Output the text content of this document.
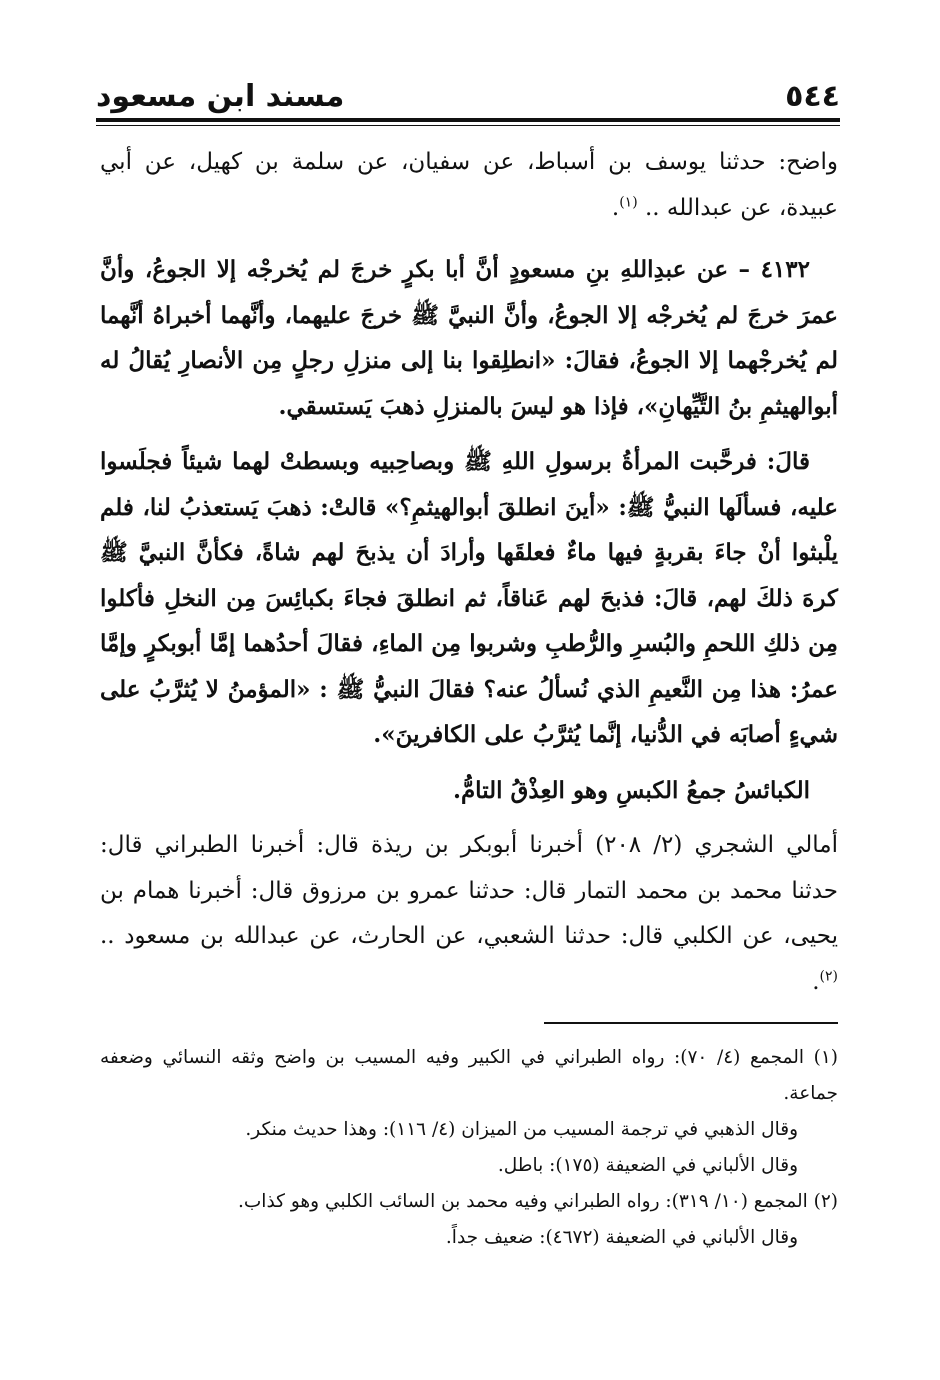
٥٤٤
مسند ابن مسعود

واضح: حدثنا يوسف بن أسباط، عن سفيان، عن سلمة بن كهيل، عن أبي عبيدة، عن عبدالله .. $^{(١)}$.

٤١٣٢ – عن عبدِاللهِ بنِ مسعودٍ أنَّ أبا بكرٍ خرجَ لم يُخرجْه إلا الجوعُ، وأنَّ عمرَ خرجَ لم يُخرجْه إلا الجوعُ، وأنَّ النبيَّ ﷺ خرجَ عليهما، وأنَّهما أخبراهُ أنَّهما لم يُخرجْهما إلا الجوعُ، فقالَ: «انطلِقوا بنا إلى منزلِ رجلٍ مِن الأنصارِ يُقالُ له أبوالهيثمِ بنُ التَّيِّهانِ»، فإذا هو ليسَ بالمنزلِ ذهبَ يَستسقي.

قالَ: فرحَّبت المرأةُ برسولِ اللهِ ﷺ وبصاحِبيه وبسطتْ لهما شيئاً فجلَسوا عليه، فسألَها النبيُّ ﷺ: «أينَ انطلقَ أبوالهيثمِ؟» قالتْ: ذهبَ يَستعذبُ لنا، فلم يلْبثوا أنْ جاءَ بقربةٍ فيها ماءٌ فعلقَها وأرادَ أن يذبحَ لهم شاةً، فكأنَّ النبيَّ ﷺ كرهَ ذلكَ لهم، قالَ: فذبحَ لهم عَناقاً، ثم انطلقَ فجاءَ بكبائِسَ مِن النخلِ فأكلوا مِن ذلكِ اللحمِ والبُسرِ والرُّطبِ وشربوا مِن الماءِ، فقالَ أحدُهما إمَّا أبوبكرٍ وإمَّا عمرُ: هذا مِن النَّعيمِ الذي نُسألُ عنه؟ فقالَ النبيُّ ﷺ : «المؤمنُ لا يُثرَّبُ على شيءٍ أصابَه في الدُّنيا، إنَّما يُثرَّبُ على الكافرينَ».

الكبائسُ جمعُ الكبسِ وهو العِذْقُ التامُّ.

أمالي الشجري (٢/ ٢٠٨) أخبرنا أبوبكر بن ريذة قال: أخبرنا الطبراني قال: حدثنا محمد بن محمد التمار قال: حدثنا عمرو بن مرزوق قال: أخبرنا همام بن يحيى، عن الكلبي قال: حدثنا الشعبي، عن الحارث، عن عبدالله بن مسعود .. $^{(٢)}$.

(١) المجمع (٤/ ٧٠): رواه الطبراني في الكبير وفيه المسيب بن واضح وثقه النسائي وضعفه جماعة.

وقال الذهبي في ترجمة المسيب من الميزان (٤/ ١١٦): وهذا حديث منكر.

وقال الألباني في الضعيفة (١٧٥): باطل.

(٢) المجمع (١٠/ ٣١٩): رواه الطبراني وفيه محمد بن السائب الكلبي وهو كذاب.

وقال الألباني في الضعيفة (٤٦٧٢): ضعيف جداً.
